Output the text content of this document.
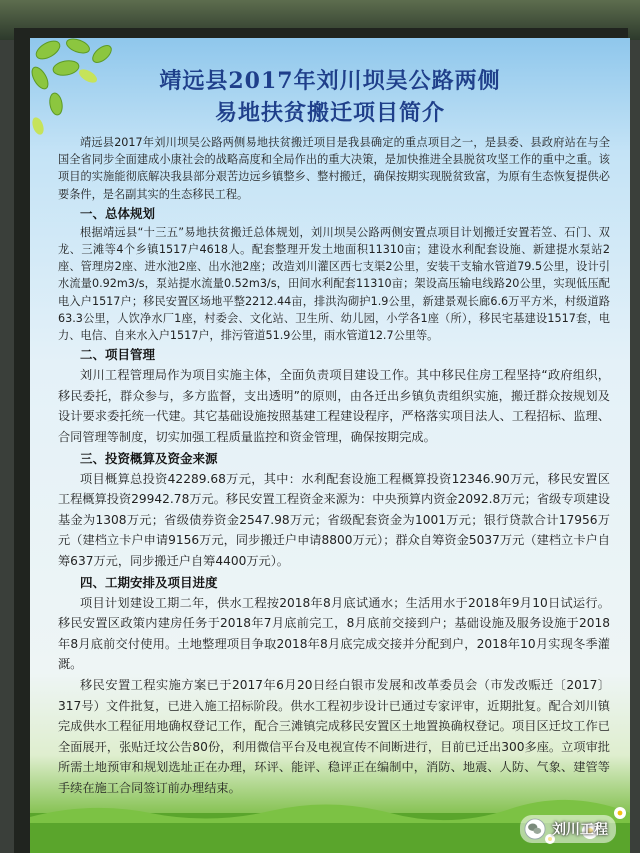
靖远县2017年刘川坝吴公路两侧
易地扶贫搬迁项目简介

靖远县2017年刘川坝吴公路两侧易地扶贫搬迁项目是我县确定的重点项目之一，是县委、县政府站在与全国全省同步全面建成小康社会的战略高度和全局作出的重大决策，是加快推进全县脱贫攻坚工作的重中之重。该项目的实施能彻底解决我县部分艰苦边远乡镇整乡、整村搬迁，确保按期实现脱贫致富，为原有生态恢复提供必要条件，是名副其实的生态移民工程。

一、总体规划

根据靖远县“十三五”易地扶贫搬迁总体规划，刘川坝吴公路两侧安置点项目计划搬迁安置若笠、石门、双龙、三滩等4个乡镇1517户4618人。配套整理开发土地面积11310亩；建设水利配套设施、新建提水泵站2座、管理房2座、进水池2座、出水池2座；改造刘川灌区西七支渠2公里，安装干支输水管道79.5公里，设计引水流量0.92m3/s，泵站提水流量0.52m3/s，田间水利配套11310亩；架设高压输电线路20公里，实现低压配电入户1517户；移民安置区场地平整2212.44亩，排洪沟砌护1.9公里，新建景观长廊6.6万平方米，村级道路63.3公里，人饮净水厂1座，村委会、文化站、卫生所、幼儿园，小学各1座（所），移民宅基建设1517套，电力、电信、自来水入户1517户，排污管道51.9公里，雨水管道12.7公里等。

二、项目管理

刘川工程管理局作为项目实施主体，全面负责项目建设工作。其中移民住房工程坚持“政府组织，移民委托，群众参与，多方监督，支出透明”的原则，由各迁出乡镇负责组织实施，搬迁群众按规划及设计要求委托统一代建。其它基础设施按照基建工程建设程序，严格落实项目法人、工程招标、监理、合同管理等制度，切实加强工程质量监控和资金管理，确保按期完成。

三、投资概算及资金来源

项目概算总投资42289.68万元，其中：水利配套设施工程概算投资12346.90万元，移民安置区工程概算投资29942.78万元。移民安置工程资金来源为：中央预算内资金2092.8万元；省级专项建设基金为1308万元；省级债券资金2547.98万元；省级配套资金为1001万元；银行贷款合计17956万元（建档立卡户申请9156万元，同步搬迁户申请8800万元）；群众自筹资金5037万元（建档立卡户自筹637万元，同步搬迁户自筹4400万元）。

四、工期安排及项目进度

项目计划建设工期二年，供水工程按2018年8月底试通水；生活用水于2018年9月10日试运行。移民安置区政策内建房任务于2018年7月底前完工，8月底前交接到户；基础设施及服务设施于2018年8月底前交付使用。土地整理项目争取2018年8月底完成交接并分配到户，2018年10月实现冬季灌溉。

移民安置工程实施方案已于2017年6月20日经白银市发展和改革委员会（市发改赈迁〔2017〕317号）文件批复，已进入施工招标阶段。供水工程初步设计已通过专家评审，近期批复。配合刘川镇完成供水工程征用地确权登记工作，配合三滩镇完成移民安置区土地置换确权登记。项目区迁坟工作已全面展开，张贴迁坟公告80份，利用微信平台及电视宣传不间断进行，目前已迁出300多座。立项审批所需土地预审和规划选址正在办理，环评、能评、稳评正在编制中，消防、地震、人防、气象、建管等手续在施工合同签订前办理结束。

刘川工程
